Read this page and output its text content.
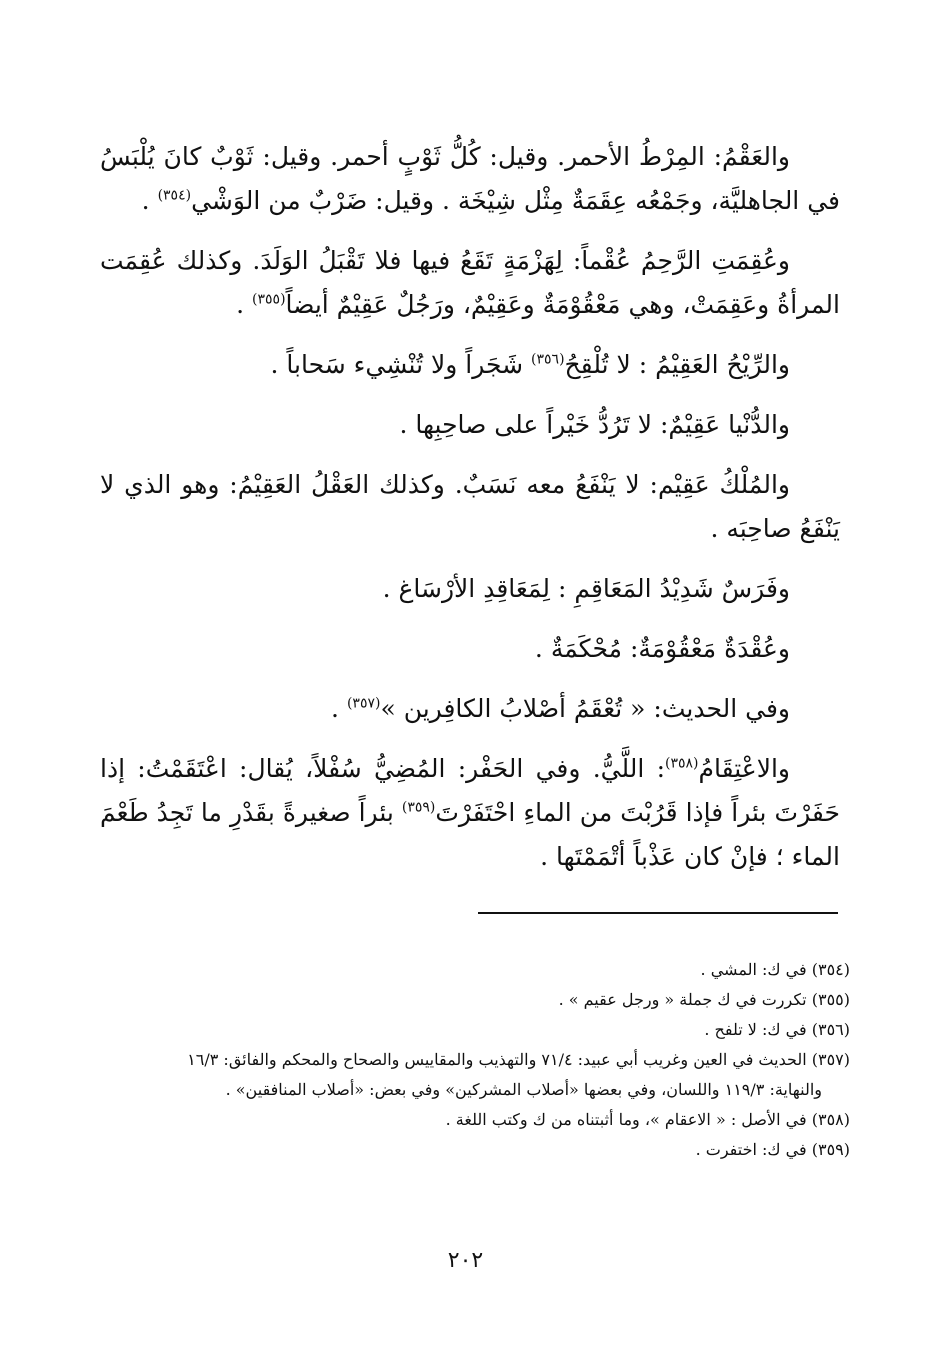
والعَقْمُ: المِرْطُ الأحمر. وقيل: كُلُّ ثَوْبٍ أحمر. وقيل: ثَوْبٌ كانَ يُلْبَسُ في الجاهليَّة، وجَمْعُه عِقَمَةٌ مِثْل شِيْخَة . وقيل: ضَرْبٌ من الوَشْي$^{(٣٥٤)}$ .

وعُقِمَتِ الرَّحِمُ عُقْماً: لِهَزْمَةٍ تَقَعُ فيها فلا تَقْبَلُ الوَلَدَ. وكذلك عُقِمَت المرأةُ وعَقِمَتْ، وهي مَعْقُوْمَةٌ وعَقِيْمٌ، ورَجُلٌ عَقِيْمٌ أيضاً$^{(٣٥٥)}$ .

والرِّيْحُ العَقِيْمُ : لا تُلْقِحُ$^{(٣٥٦)}$ شَجَراً ولا تُنْشِيء سَحاباً .

والدُّنْيا عَقِيْمٌ: لا تَرُدُّ خَيْراً على صاحِبِها .

والمُلْكُ عَقِيْم: لا يَنْفَعُ معه نَسَبٌ. وكذلك العَقْلُ العَقِيْمُ: وهو الذي لا يَنْفَعُ صاحِبَه .

وفَرَسٌ شَدِيْدُ المَعَاقِمِ : لِمَعَاقِدِ الأرْسَاغ .

وعُقْدَةٌ مَعْقُوْمَةٌ: مُحْكَمَةٌ .

وفي الحديث: « تُعْقَمُ أصْلابُ الكافِرين »$^{(٣٥٧)}$ .

والاعْتِقَامُ$^{(٣٥٨)}$: اللَّيُّ. وفي الحَفْر: المُضِيُّ سُفْلاً، يُقال: اعْتَقَمْتُ: إذا حَفَرْتَ بئراً فإذا قَرُبْتَ من الماءِ احْتَفَرْتَ$^{(٣٥٩)}$ بئراً صغيرةً بقَدْرِ ما تَجِدُ طَعْمَ الماء ؛ فإنْ كان عَذْباً أتْمَمْتَها .

(٣٥٤) في ك: المشي .

(٣٥٥) تكررت في ك جملة « ورجل عقيم » .

(٣٥٦) في ك: لا تلفح .

(٣٥٧) الحديث في العين وغريب أبي عبيد: ٧١/٤ والتهذيب والمقاييس والصحاح والمحكم والفائق: ١٦/٣

والنهاية: ١١٩/٣ واللسان، وفي بعضها «أصلاب المشركين» وفي بعض: «أصلاب المنافقين» .

(٣٥٨) في الأصل : « الاعقام »، وما أثبتناه من ك وكتب اللغة .

(٣٥٩) في ك: اختفرت .

٢٠٢
